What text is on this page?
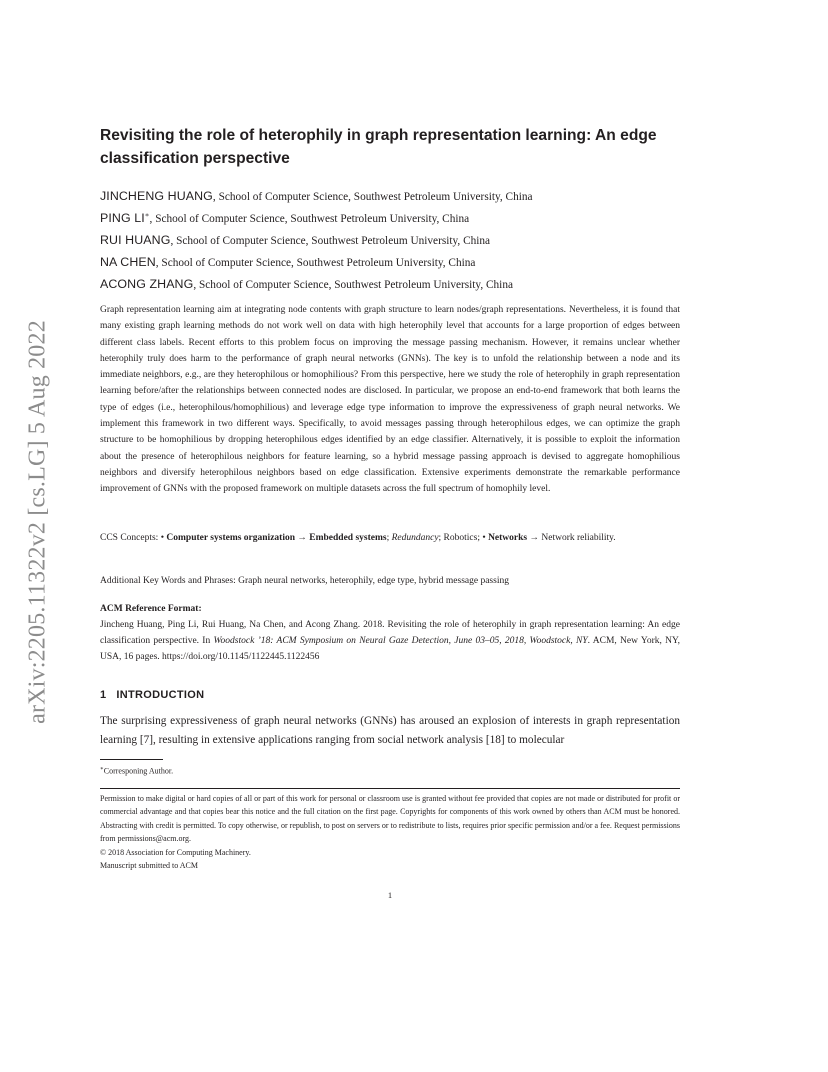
arXiv:2205.11322v2 [cs.LG] 5 Aug 2022
Revisiting the role of heterophily in graph representation learning: An edge classification perspective
JINCHENG HUANG, School of Computer Science, Southwest Petroleum University, China
PING LI∗, School of Computer Science, Southwest Petroleum University, China
RUI HUANG, School of Computer Science, Southwest Petroleum University, China
NA CHEN, School of Computer Science, Southwest Petroleum University, China
ACONG ZHANG, School of Computer Science, Southwest Petroleum University, China
Graph representation learning aim at integrating node contents with graph structure to learn nodes/graph representations. Nevertheless, it is found that many existing graph learning methods do not work well on data with high heterophily level that accounts for a large proportion of edges between different class labels. Recent efforts to this problem focus on improving the message passing mechanism. However, it remains unclear whether heterophily truly does harm to the performance of graph neural networks (GNNs). The key is to unfold the relationship between a node and its immediate neighbors, e.g., are they heterophilous or homophilious? From this perspective, here we study the role of heterophily in graph representation learning before/after the relationships between connected nodes are disclosed. In particular, we propose an end-to-end framework that both learns the type of edges (i.e., heterophilous/homophilious) and leverage edge type information to improve the expressiveness of graph neural networks. We implement this framework in two different ways. Specifically, to avoid messages passing through heterophilous edges, we can optimize the graph structure to be homophilious by dropping heterophilous edges identified by an edge classifier. Alternatively, it is possible to exploit the information about the presence of heterophilous neighbors for feature learning, so a hybrid message passing approach is devised to aggregate homophilious neighbors and diversify heterophilous neighbors based on edge classification. Extensive experiments demonstrate the remarkable performance improvement of GNNs with the proposed framework on multiple datasets across the full spectrum of homophily level.
CCS Concepts: • Computer systems organization → Embedded systems; Redundancy; Robotics; • Networks → Network reliability.
Additional Key Words and Phrases: Graph neural networks, heterophily, edge type, hybrid message passing
ACM Reference Format:
Jincheng Huang, Ping Li, Rui Huang, Na Chen, and Acong Zhang. 2018. Revisiting the role of heterophily in graph representation learning: An edge classification perspective. In Woodstock ’18: ACM Symposium on Neural Gaze Detection, June 03–05, 2018, Woodstock, NY. ACM, New York, NY, USA, 16 pages. https://doi.org/10.1145/1122445.1122456
1 INTRODUCTION
The surprising expressiveness of graph neural networks (GNNs) has aroused an explosion of interests in graph representation learning [7], resulting in extensive applications ranging from social network analysis [18] to molecular
∗Corresponing Author.
Permission to make digital or hard copies of all or part of this work for personal or classroom use is granted without fee provided that copies are not made or distributed for profit or commercial advantage and that copies bear this notice and the full citation on the first page. Copyrights for components of this work owned by others than ACM must be honored. Abstracting with credit is permitted. To copy otherwise, or republish, to post on servers or to redistribute to lists, requires prior specific permission and/or a fee. Request permissions from permissions@acm.org.
© 2018 Association for Computing Machinery.
Manuscript submitted to ACM
1
